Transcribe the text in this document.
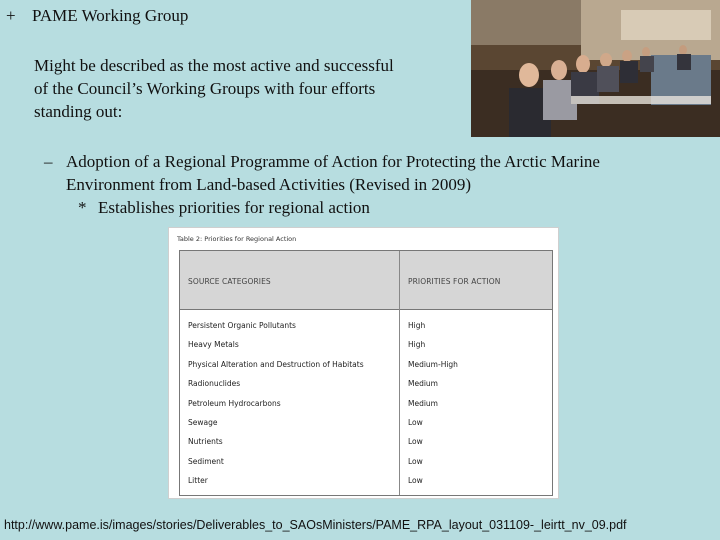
+ PAME Working Group
Might be described as the most active and successful
of the Council’s Working Groups with four efforts
standing out:
– Adoption of a Regional Programme of Action for Protecting the Arctic Marine
Environment from Land-based Activities (Revised in 2009)
* Establishes priorities for regional action
Table 2: Priorities for Regional Action
SOURCE CATEGORIES	PRIORITIES FOR ACTION
Persistent Organic Pollutants	High
Heavy Metals	High
Physical Alteration and Destruction of Habitats	Medium-High
Radionuclides	Medium
Petroleum Hydrocarbons	Medium
Sewage	Low
Nutrients	Low
Sediment	Low
Litter	Low
http://www.pame.is/images/stories/Deliverables_to_SAOsMinisters/PAME_RPA_layout_031109-_leirtt_nv_09.pdf
